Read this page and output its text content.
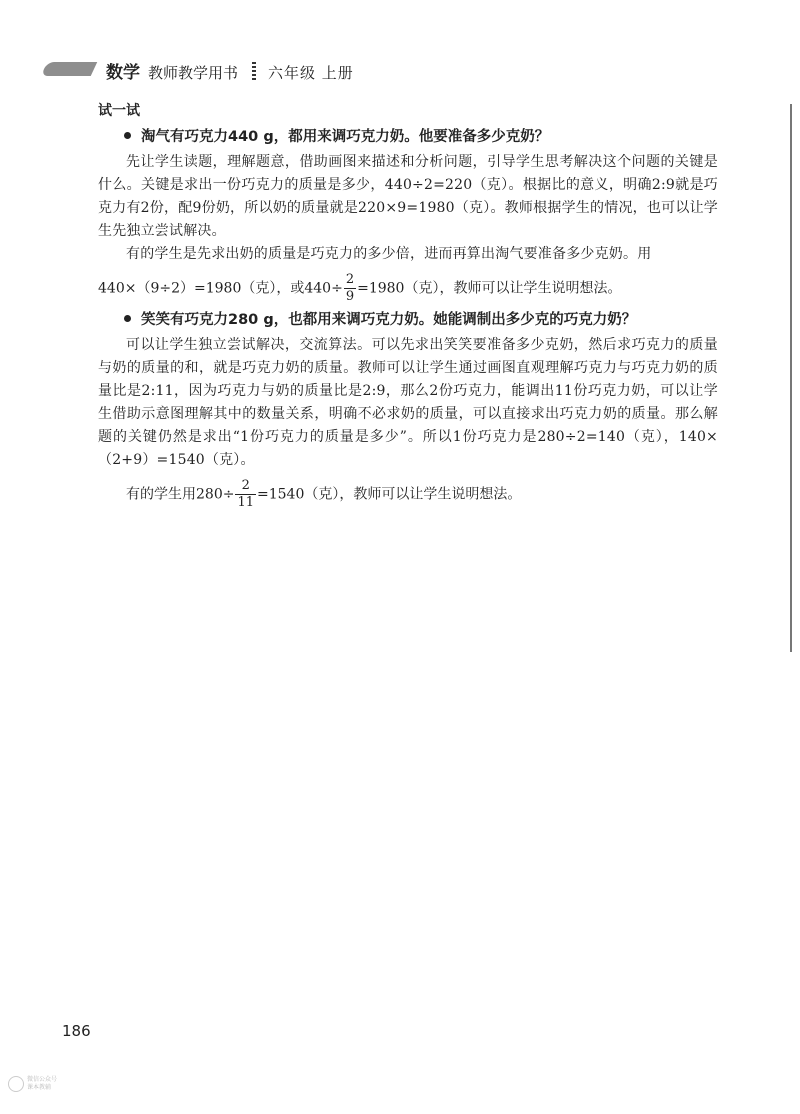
数学 教师教学用书 六年级 上册
试一试
淘气有巧克力440 g，都用来调巧克力奶。他要准备多少克奶？

先让学生读题，理解题意，借助画图来描述和分析问题，引导学生思考解决这个问题的关键是什么。关键是求出一份巧克力的质量是多少，440÷2=220（克）。根据比的意义，明确2:9就是巧克力有2份，配9份奶，所以奶的质量就是220×9=1980（克）。教师根据学生的情况，也可以让学生先独立尝试解决。

有的学生是先求出奶的质量是巧克力的多少倍，进而再算出淘气要准备多少克奶。用

440×（9÷2）=1980（克），或$440\div \frac{2}{9} =1980$（克），教师可以让学生说明想法。
笑笑有巧克力280 g，也都用来调巧克力奶。她能调制出多少克的巧克力奶？

可以让学生独立尝试解决，交流算法。可以先求出笑笑要准备多少克奶，然后求巧克力的质量与奶的质量的和，就是巧克力奶的质量。教师可以让学生通过画图直观理解巧克力与巧克力奶的质量比是2:11，因为巧克力与奶的质量比是2:9，那么2份巧克力，能调出11份巧克力奶，可以让学生借助示意图理解其中的数量关系，明确不必求奶的质量，可以直接求出巧克力奶的质量。那么解题的关键仍然是求出“1份巧克力的质量是多少”。所以1份巧克力是280÷2=140（克），140×（2+9）=1540（克）。

有的学生用$280\div \frac{2}{11} =1540$（克），教师可以让学生说明想法。
186
微信公众号
课本教辅
